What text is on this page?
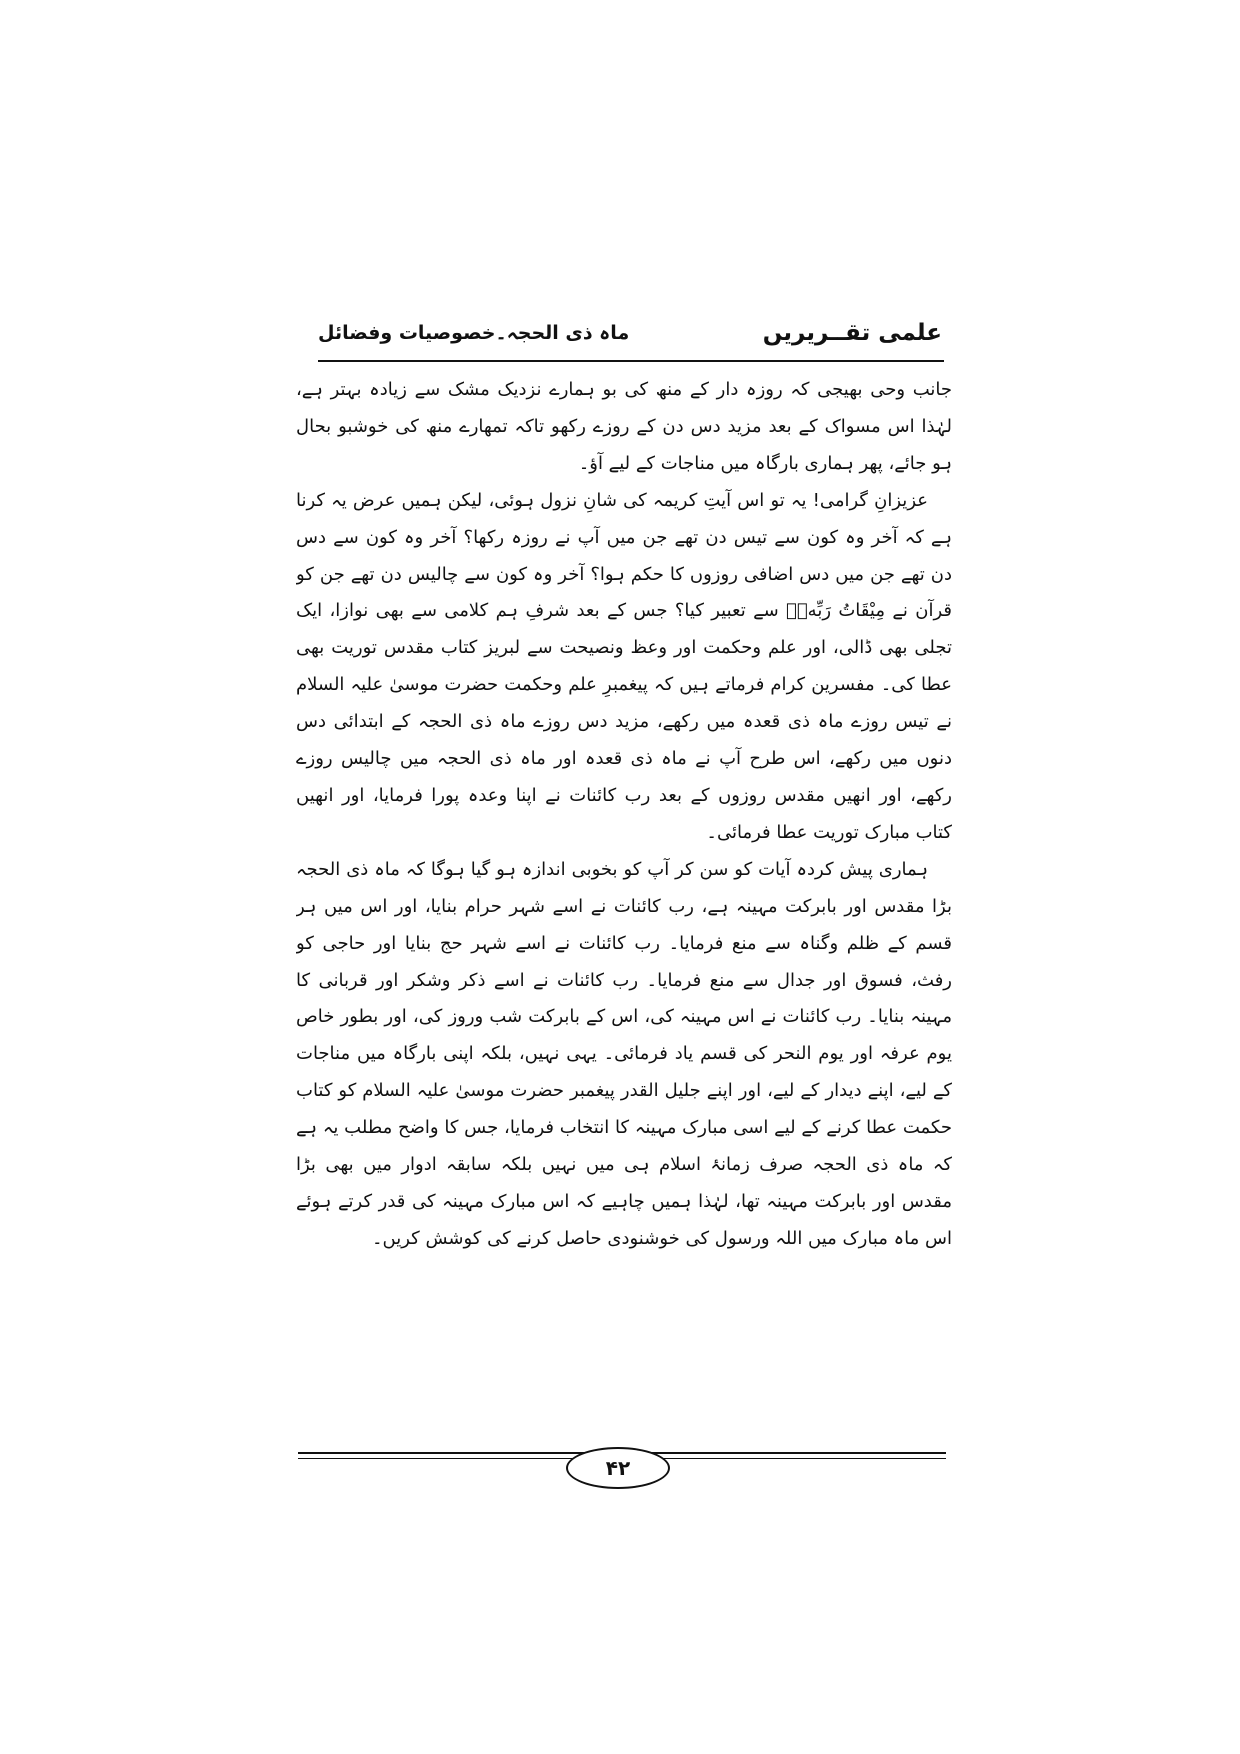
علمی تقــریریں
ماہ ذی الحجہ۔خصوصیات وفضائل

جانب وحی بھیجی کہ روزہ دار کے منھ کی بو ہمارے نزدیک مشک سے زیادہ بہتر ہے، لہٰذا اس مسواک کے بعد مزید دس دن کے روزے رکھو تاکہ تمھارے منھ کی خوشبو بحال ہو جائے، پھر ہماری بارگاہ میں مناجات کے لیے آؤ۔

عزیزانِ گرامی! یہ تو اس آیتِ کریمہ کی شانِ نزول ہوئی، لیکن ہمیں عرض یہ کرنا ہے کہ آخر وہ کون سے تیس دن تھے جن میں آپ نے روزہ رکھا؟ آخر وہ کون سے دس دن تھے جن میں دس اضافی روزوں کا حکم ہوا؟ آخر وہ کون سے چالیس دن تھے جن کو قرآن نے مِيْقَاتُ رَبِّهٖۤ سے تعبیر کیا؟ جس کے بعد شرفِ ہم کلامی سے بھی نوازا، ایک تجلی بھی ڈالی، اور علم وحکمت اور وعظ ونصیحت سے لبریز کتاب مقدس توریت بھی عطا کی۔ مفسرین کرام فرماتے ہیں کہ پیغمبرِ علم وحکمت حضرت موسیٰ علیہ السلام نے تیس روزے ماہ ذی قعدہ میں رکھے، مزید دس روزے ماہ ذی الحجہ کے ابتدائی دس دنوں میں رکھے، اس طرح آپ نے ماہ ذی قعدہ اور ماہ ذی الحجہ میں چالیس روزے رکھے، اور انھیں مقدس روزوں کے بعد رب کائنات نے اپنا وعدہ پورا فرمایا، اور انھیں کتاب مبارک توریت عطا فرمائی۔

ہماری پیش کردہ آیات کو سن کر آپ کو بخوبی اندازہ ہو گیا ہوگا کہ ماہ ذی الحجہ بڑا مقدس اور بابرکت مہینہ ہے، رب کائنات نے اسے شہر حرام بنایا، اور اس میں ہر قسم کے ظلم وگناہ سے منع فرمایا۔ رب کائنات نے اسے شہر حج بنایا اور حاجی کو رفث، فسوق اور جدال سے منع فرمایا۔ رب کائنات نے اسے ذکر وشکر اور قربانی کا مہینہ بنایا۔ رب کائنات نے اس مہینہ کی، اس کے بابرکت شب وروز کی، اور بطور خاص یوم عرفہ اور یوم النحر کی قسم یاد فرمائی۔ یہی نہیں، بلکہ اپنی بارگاہ میں مناجات کے لیے، اپنے دیدار کے لیے، اور اپنے جلیل القدر پیغمبر حضرت موسیٰ علیہ السلام کو کتاب حکمت عطا کرنے کے لیے اسی مبارک مہینہ کا انتخاب فرمایا، جس کا واضح مطلب یہ ہے کہ ماہ ذی الحجہ صرف زمانۂ اسلام ہی میں نہیں بلکہ سابقہ ادوار میں بھی بڑا مقدس اور بابرکت مہینہ تھا، لہٰذا ہمیں چاہیے کہ اس مبارک مہینہ کی قدر کرتے ہوئے اس ماہ مبارک میں اللہ ورسول کی خوشنودی حاصل کرنے کی کوشش کریں۔

۴۲
